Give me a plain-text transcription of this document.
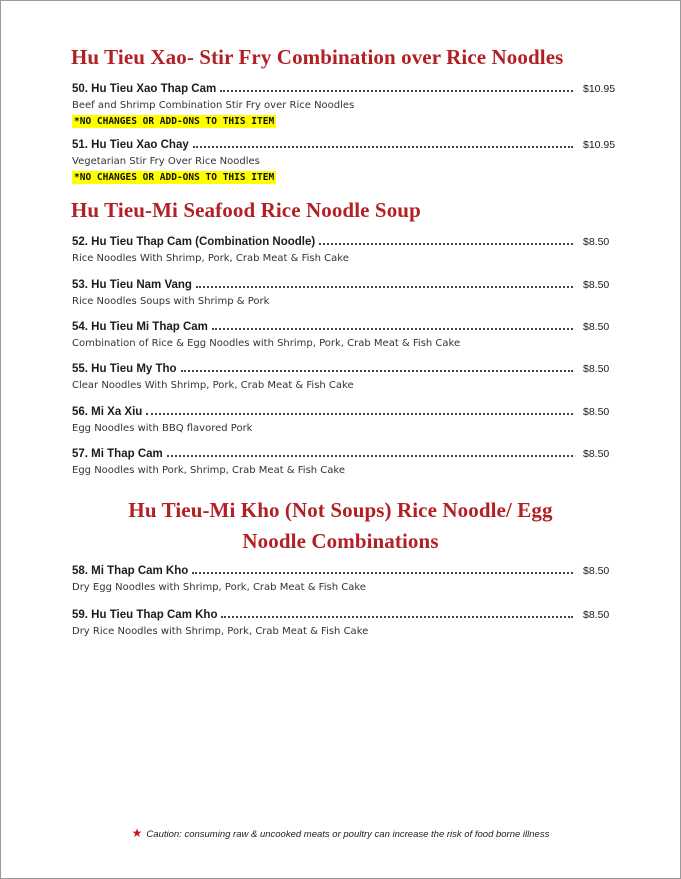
Hu Tieu Xao- Stir Fry Combination over Rice Noodles
50. Hu Tieu Xao Thap Cam	$10.95
Beef and Shrimp Combination Stir Fry over Rice Noodles
*NO CHANGES OR ADD-ONS TO THIS ITEM
51. Hu Tieu Xao Chay	$10.95
Vegetarian Stir Fry Over Rice Noodles
*NO CHANGES OR ADD-ONS TO THIS ITEM
Hu Tieu-Mi Seafood Rice Noodle Soup
52. Hu Tieu Thap Cam (Combination Noodle)	$8.50
Rice Noodles With Shrimp, Pork, Crab Meat & Fish Cake
53. Hu Tieu Nam Vang	$8.50
Rice Noodles Soups with Shrimp & Pork
54. Hu Tieu Mi Thap Cam	$8.50
Combination of Rice & Egg Noodles with Shrimp, Pork, Crab Meat & Fish Cake
55. Hu Tieu My Tho	$8.50
Clear Noodles With Shrimp, Pork, Crab Meat & Fish Cake
56. Mi Xa Xiu	$8.50
Egg Noodles with BBQ flavored Pork
57. Mi Thap Cam	$8.50
Egg Noodles with Pork, Shrimp, Crab Meat & Fish Cake
Hu Tieu-Mi Kho (Not Soups) Rice Noodle/ Egg Noodle Combinations
58. Mi Thap Cam Kho	$8.50
Dry Egg Noodles with Shrimp, Pork, Crab Meat & Fish Cake
59. Hu Tieu Thap Cam Kho	$8.50
Dry Rice Noodles with Shrimp, Pork, Crab Meat & Fish Cake
★ Caution: consuming raw & uncooked meats or poultry can increase the risk of food borne illness
